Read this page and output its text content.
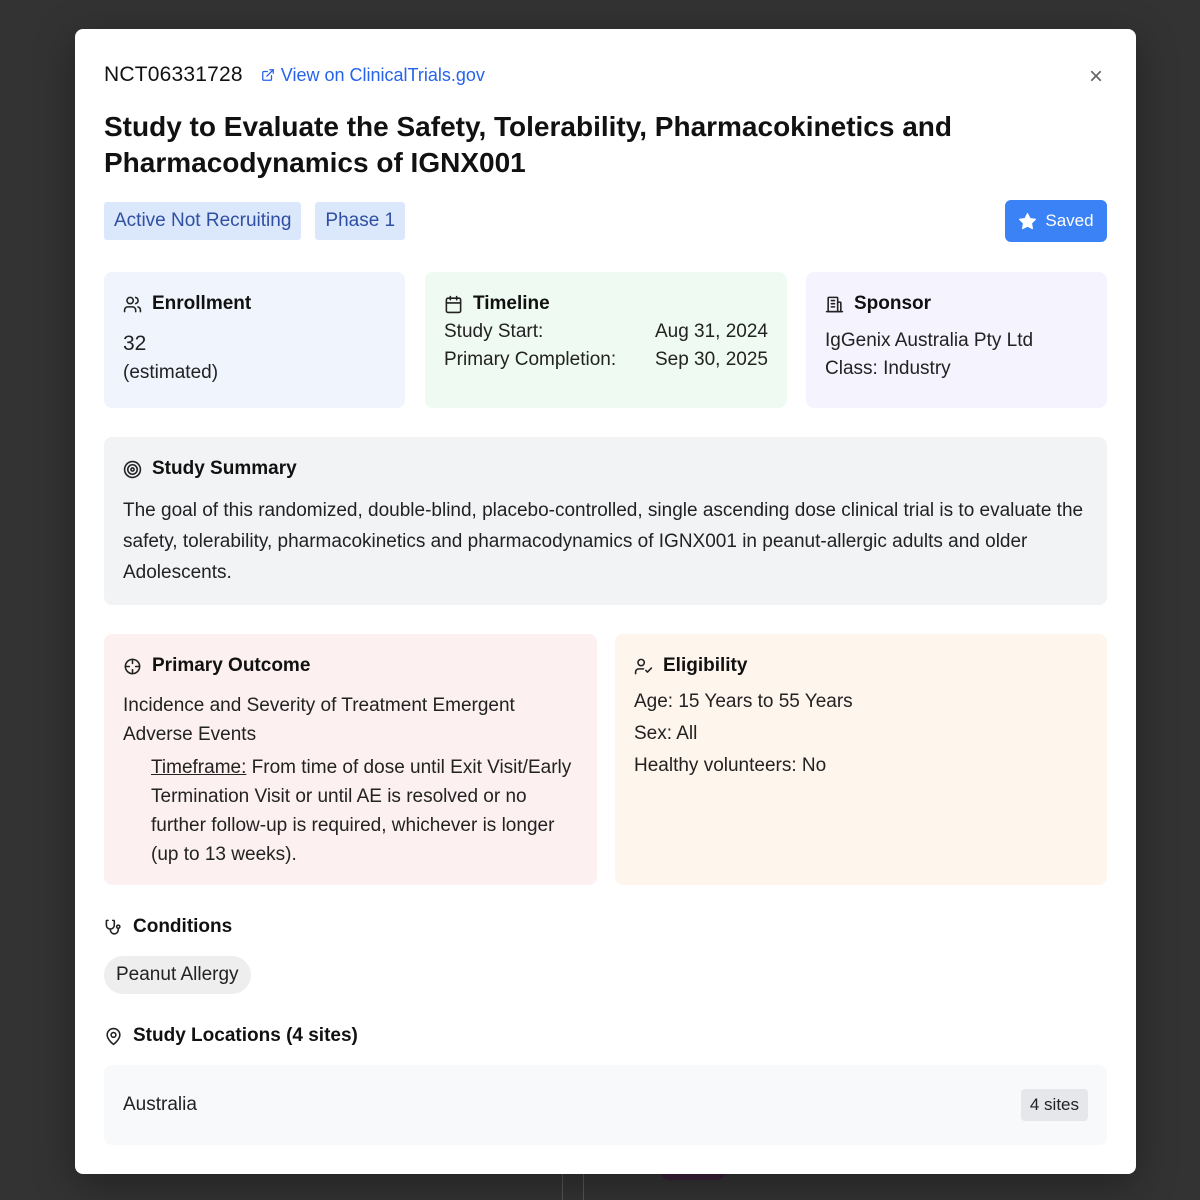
×
NCT06331728 View on ClinicalTrials.gov
Study to Evaluate the Safety, Tolerability, Pharmacokinetics and Pharmacodynamics of IGNX001
Active Not Recruiting	Phase 1	Saved
Enrollment
32
(estimated)
Timeline
Study Start:	Aug 31, 2024
Primary Completion: Sep 30, 2025
Sponsor
IgGenix Australia Pty Ltd
Class: Industry
Study Summary
The goal of this randomized, double-blind, placebo-controlled, single ascending dose clinical trial is to evaluate the safety, tolerability, pharmacokinetics and pharmacodynamics of IGNX001 in peanut-allergic adults and older Adolescents.
Primary Outcome
Incidence and Severity of Treatment Emergent Adverse Events
Timeframe: From time of dose until Exit Visit/Early Termination Visit or until AE is resolved or no further follow-up is required, whichever is longer (up to 13 weeks).
Eligibility
Age: 15 Years to 55 Years
Sex: All
Healthy volunteers: No
Conditions
Peanut Allergy
Study Locations (4 sites)
Australia	4 sites
